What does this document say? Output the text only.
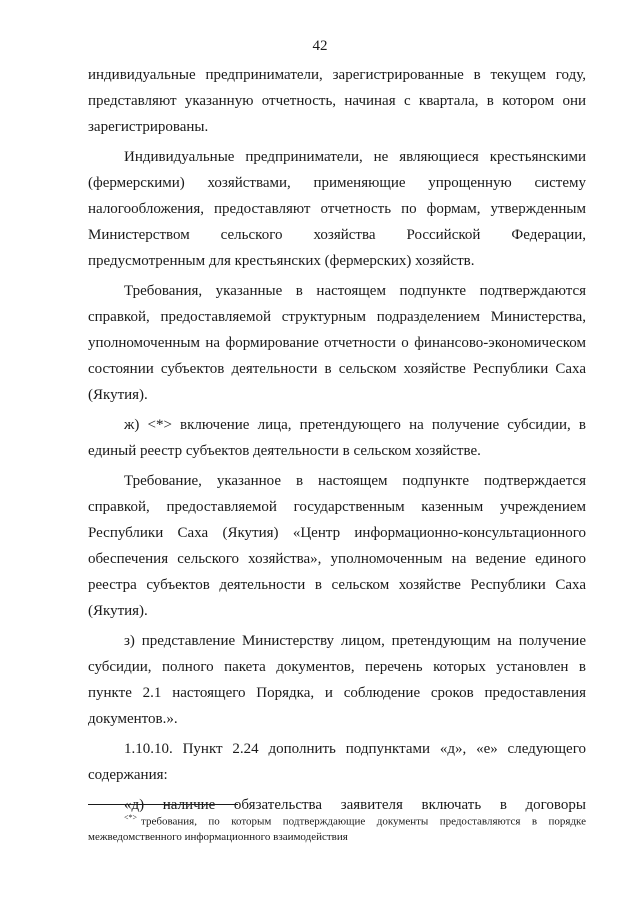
42

индивидуальные предприниматели, зарегистрированные в текущем году, представляют указанную отчетность, начиная с квартала, в котором они зарегистрированы.

Индивидуальные предприниматели, не являющиеся крестьянскими (фермерскими) хозяйствами, применяющие упрощенную систему налогообложения, предоставляют отчетность по формам, утвержденным Министерством сельского хозяйства Российской Федерации, предусмотренным для крестьянских (фермерских) хозяйств.

Требования, указанные в настоящем подпункте подтверждаются справкой, предоставляемой структурным подразделением Министерства, уполномоченным на формирование отчетности о финансово-экономическом состоянии субъектов деятельности в сельском хозяйстве Республики Саха (Якутия).

ж) <*> включение лица, претендующего на получение субсидии, в единый реестр субъектов деятельности в сельском хозяйстве.

Требование, указанное в настоящем подпункте подтверждается справкой, предоставляемой государственным казенным учреждением Республики Саха (Якутия) «Центр информационно-консультационного обеспечения сельского хозяйства», уполномоченным на ведение единого реестра субъектов деятельности в сельском хозяйстве Республики Саха (Якутия).

з) представление Министерству лицом, претендующим на получение субсидии, полного пакета документов, перечень которых установлен в пункте 2.1 настоящего Порядка, и соблюдение сроков предоставления документов.».

1.10.10. Пункт 2.24 дополнить подпунктами «д», «е» следующего содержания:

«д) наличие обязательства заявителя включать в договоры

<*> требования, по которым подтверждающие документы предоставляются в порядке межведомственного информационного взаимодействия
